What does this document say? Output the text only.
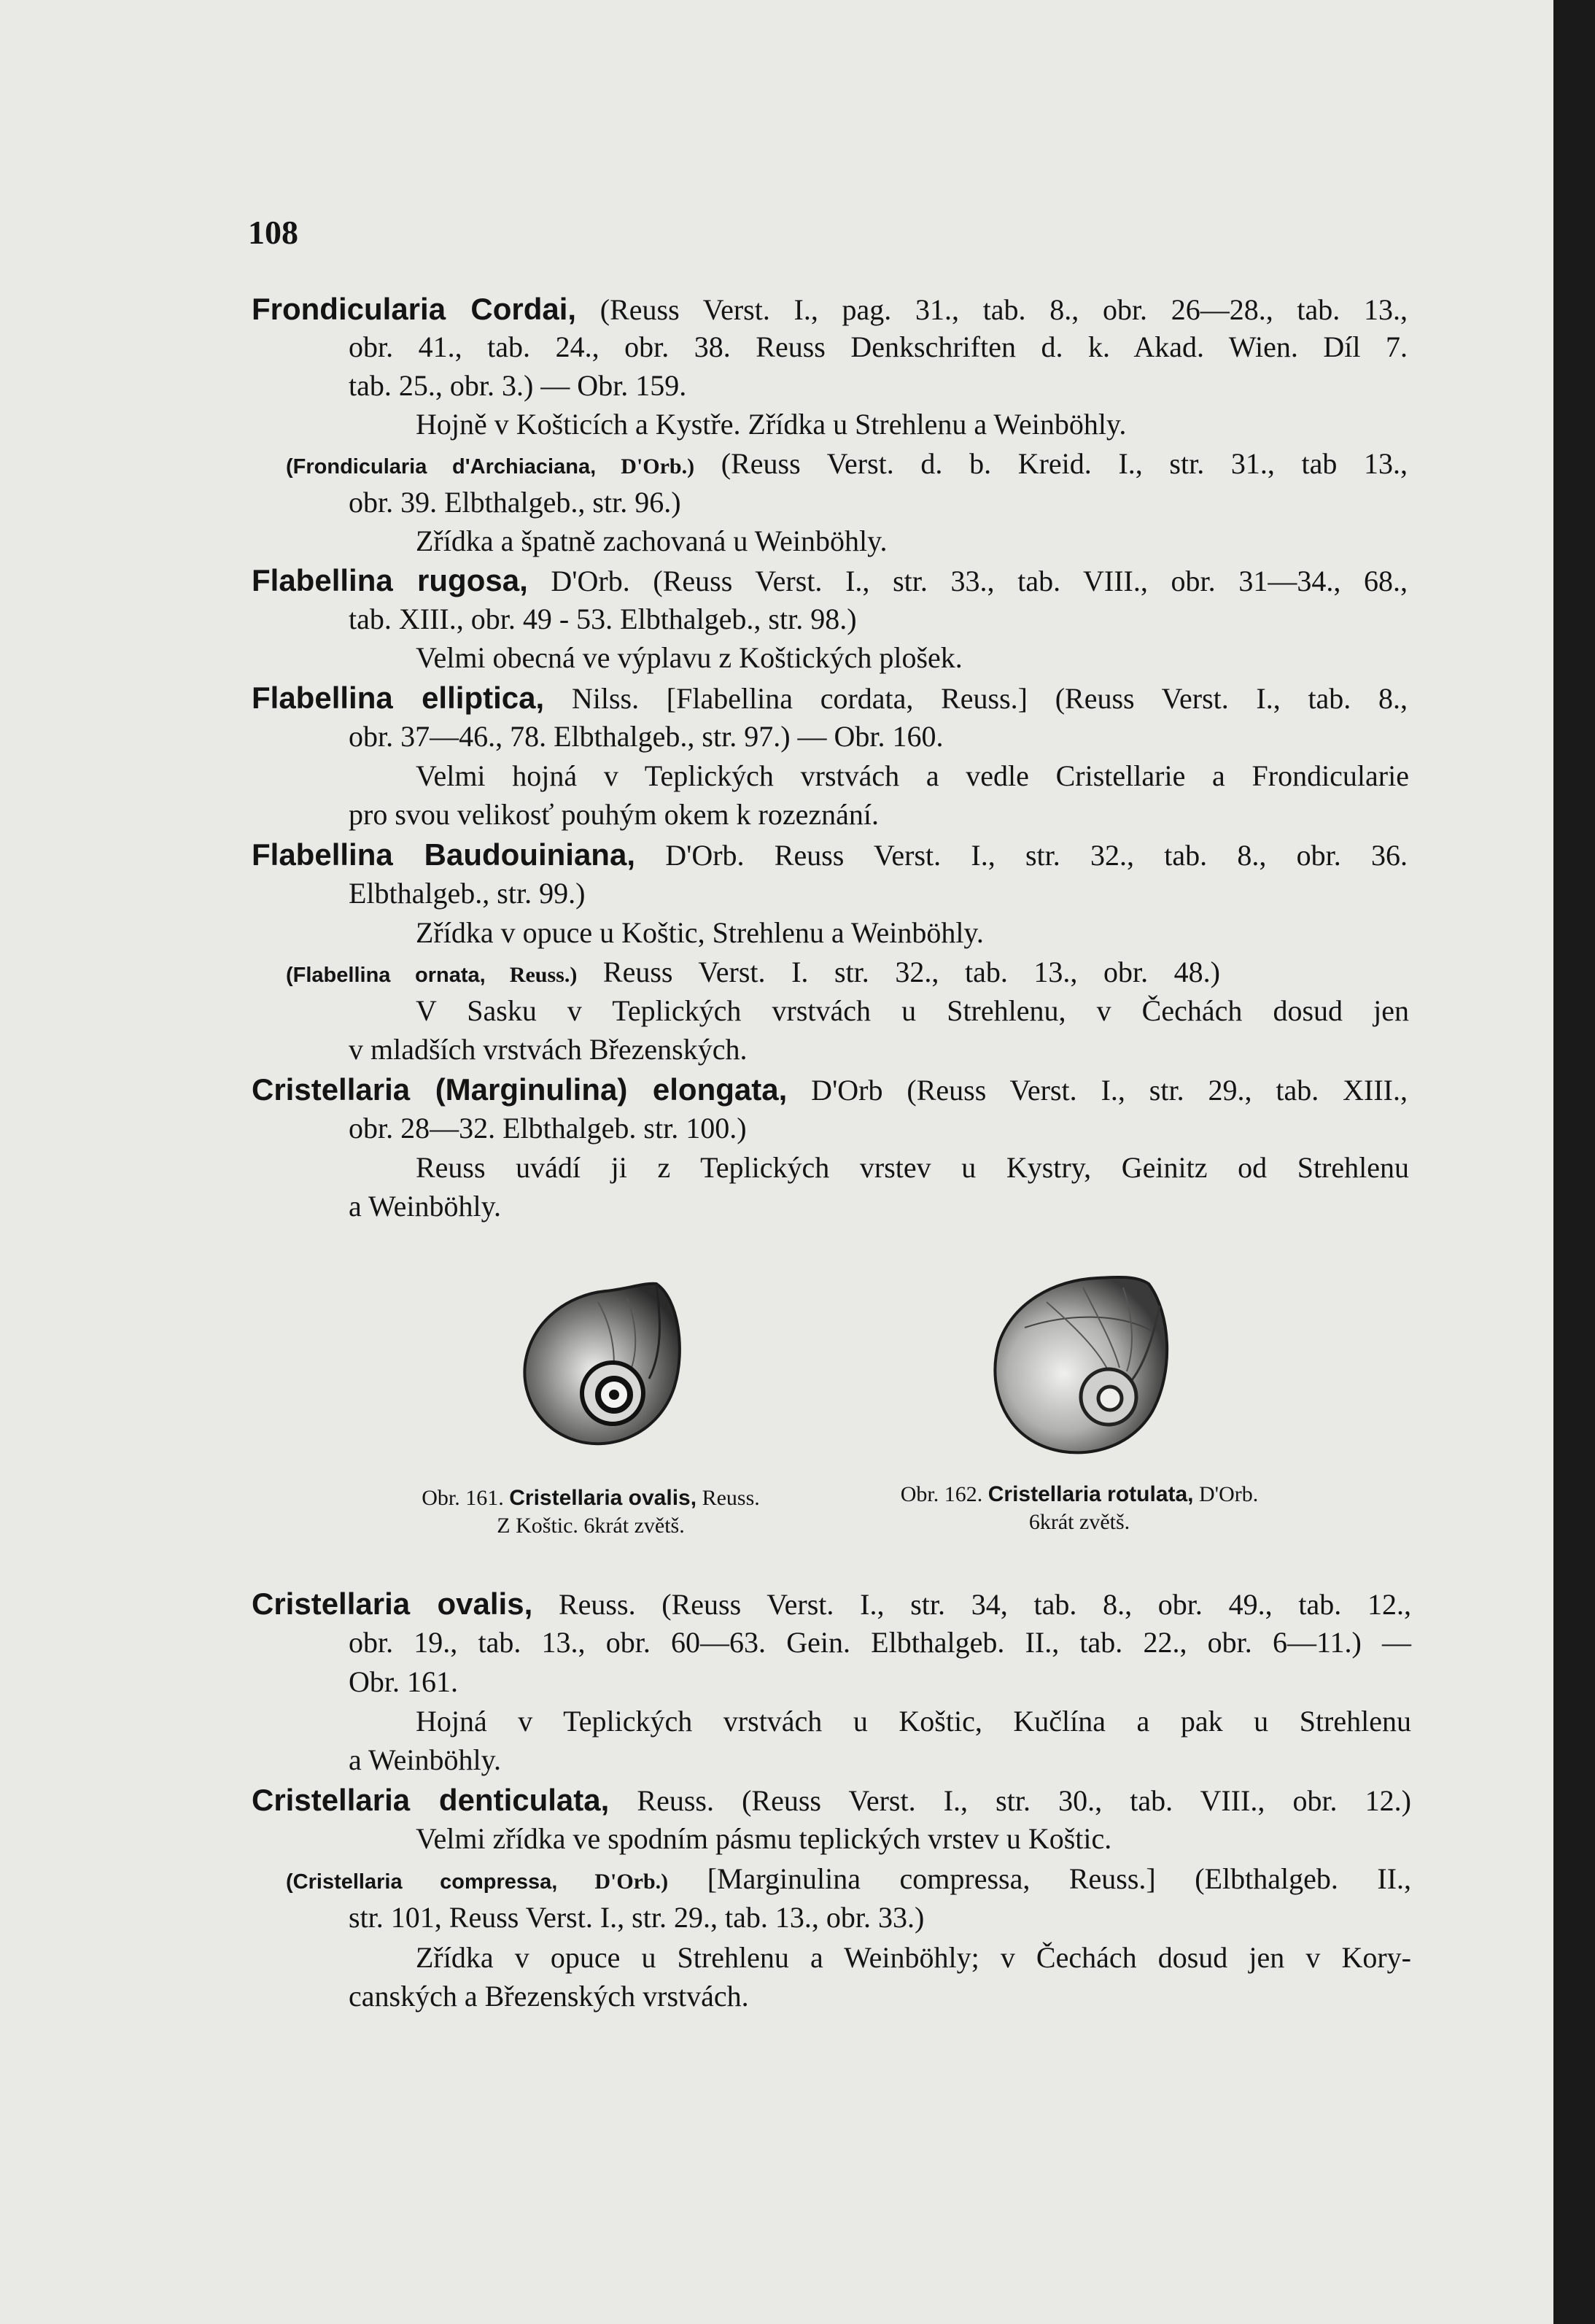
108
Frondicularia Cordai, (Reuss Verst. I., pag. 31., tab. 8., obr. 26—28., tab. 13.,
obr. 41., tab. 24., obr. 38. Reuss Denkschriften d. k. Akad. Wien. Díl 7.
tab. 25., obr. 3.) — Obr. 159.
Hojně v Košticích a Kystře. Zřídka u Strehlenu a Weinböhly.
(Frondicularia d'Archiaciana, D'Orb.) (Reuss Verst. d. b. Kreid. I., str. 31., tab 13.,
obr. 39. Elbthalgeb., str. 96.)
Zřídka a špatně zachovaná u Weinböhly.
Flabellina rugosa, D'Orb. (Reuss Verst. I., str. 33., tab. VIII., obr. 31—34., 68.,
tab. XIII., obr. 49 - 53. Elbthalgeb., str. 98.)
Velmi obecná ve výplavu z Koštických plošek.
Flabellina elliptica, Nilss. [Flabellina cordata, Reuss.] (Reuss Verst. I., tab. 8.,
obr. 37—46., 78. Elbthalgeb., str. 97.) — Obr. 160.
Velmi hojná v Teplických vrstvách a vedle Cristellarie a Frondicularie
pro svou velikosť pouhým okem k rozeznání.
Flabellina Baudouiniana, D'Orb. Reuss Verst. I., str. 32., tab. 8., obr. 36.
Elbthalgeb., str. 99.)
Zřídka v opuce u Koštic, Strehlenu a Weinböhly.
(Flabellina ornata, Reuss.) Reuss Verst. I. str. 32., tab. 13., obr. 48.)
V Sasku v Teplických vrstvách u Strehlenu, v Čechách dosud jen
v mladších vrstvách Březenských.
Cristellaria (Marginulina) elongata, D'Orb (Reuss Verst. I., str. 29., tab. XIII.,
obr. 28—32. Elbthalgeb. str. 100.)
Reuss uvádí ji z Teplických vrstev u Kystry, Geinitz od Strehlenu
a Weinböhly.
Obr. 161. Cristellaria ovalis, Reuss.
Z Koštic. 6krát zvětš.
Obr. 162. Cristellaria rotulata, D'Orb.
6krát zvětš.
Cristellaria ovalis, Reuss. (Reuss Verst. I., str. 34, tab. 8., obr. 49., tab. 12.,
obr. 19., tab. 13., obr. 60—63. Gein. Elbthalgeb. II., tab. 22., obr. 6—11.) —
Obr. 161.
Hojná v Teplických vrstvách u Koštic, Kučlína a pak u Strehlenu
a Weinböhly.
Cristellaria denticulata, Reuss. (Reuss Verst. I., str. 30., tab. VIII., obr. 12.)
Velmi zřídka ve spodním pásmu teplických vrstev u Koštic.
(Cristellaria compressa, D'Orb.) [Marginulina compressa, Reuss.] (Elbthalgeb. II.,
str. 101, Reuss Verst. I., str. 29., tab. 13., obr. 33.)
Zřídka v opuce u Strehlenu a Weinböhly; v Čechách dosud jen v Kory-
canských a Březenských vrstvách.
